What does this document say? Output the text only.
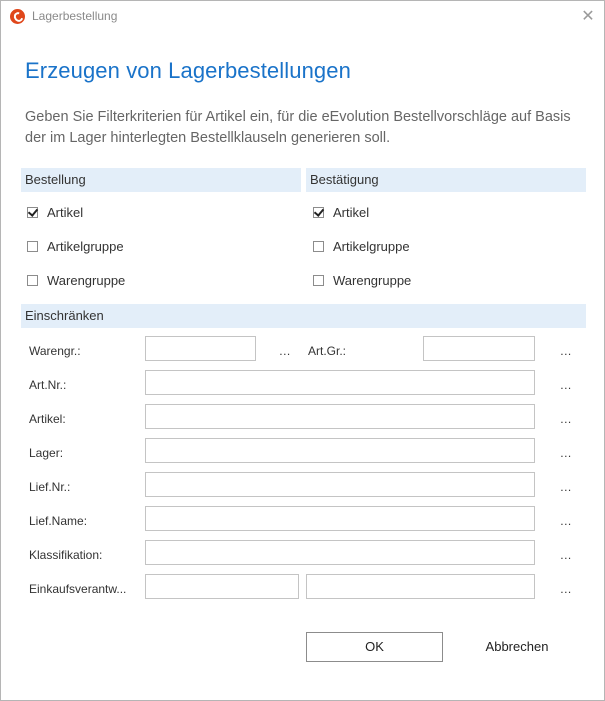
Lagerbestellung	✕
Erzeugen von Lagerbestellungen
Geben Sie Filterkriterien für Artikel ein, für die eEvolution Bestellvorschläge auf Basis der im Lager hinterlegten Bestellklauseln generieren soll.
Bestellung
Artikel
Artikelgruppe
Warengruppe
Bestätigung
Artikel
Artikelgruppe
Warengruppe
Einschränken
Warengr.:	... Art.Gr.:	...
Art.Nr.:	...
Artikel:	...
Lager:	...
Lief.Nr.:	...
Lief.Name:	...
Klassifikation:	...
Einkaufsverantw...	...
OK	Abbrechen
